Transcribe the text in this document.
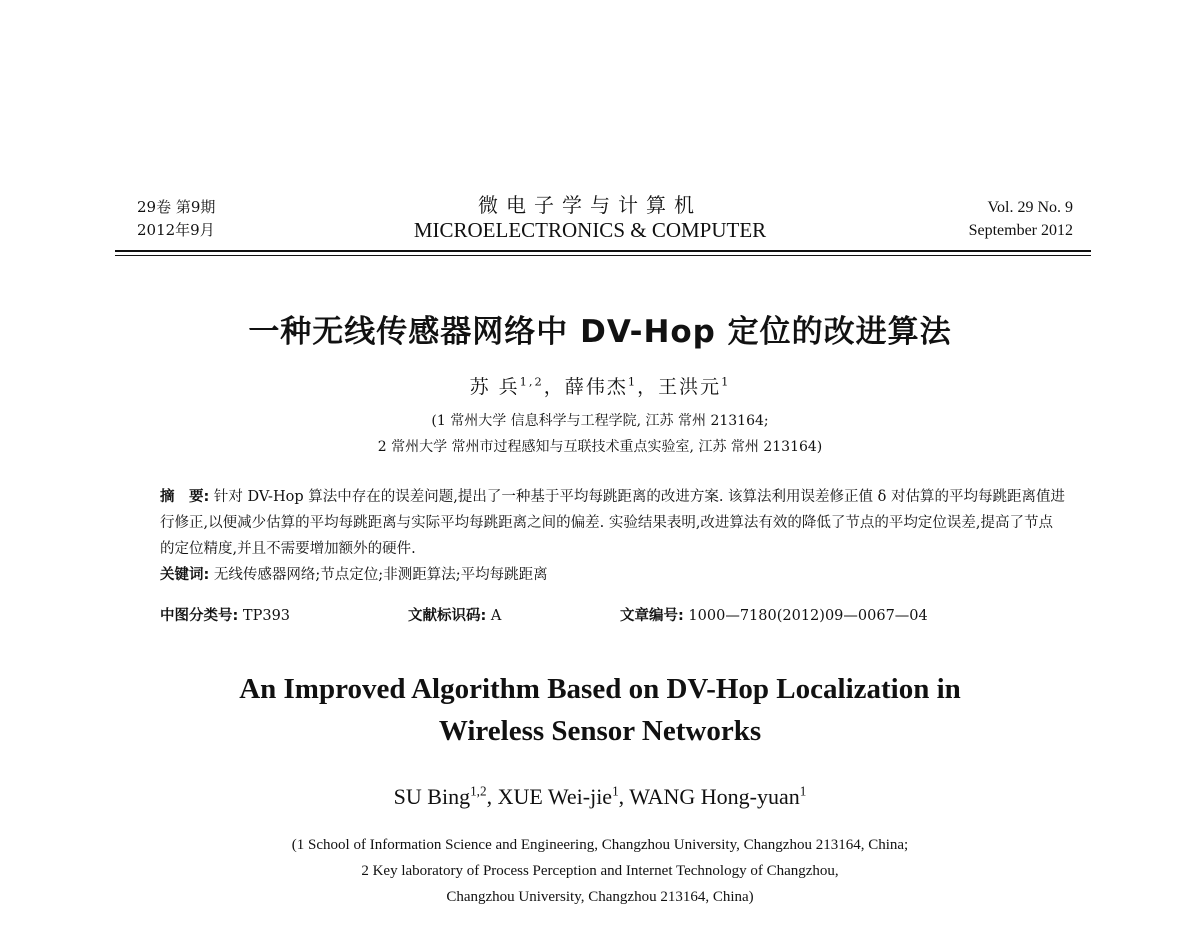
29卷 第9期
2012年9月
微电子学与计算机
MICROELECTRONICS & COMPUTER
Vol. 29 No. 9
September 2012
一种无线传感器网络中 DV-Hop 定位的改进算法
苏 兵$^{1,2}$，薛伟杰$^1$，王洪元$^1$
(1 常州大学 信息科学与工程学院, 江苏 常州 213164;
2 常州大学 常州市过程感知与互联技术重点实验室, 江苏 常州 213164)
摘　要: 针对 DV-Hop 算法中存在的误差问题,提出了一种基于平均每跳距离的改进方案. 该算法利用误差修正值 δ 对估算的平均每跳距离值进行修正,以便减少估算的平均每跳距离与实际平均每跳距离之间的偏差. 实验结果表明,改进算法有效的降低了节点的平均定位误差,提高了节点的定位精度,并且不需要增加额外的硬件.
关键词: 无线传感器网络;节点定位;非测距算法;平均每跳距离
中图分类号: TP393	文献标识码: A	文章编号: 1000—7180(2012)09—0067—04
An Improved Algorithm Based on DV-Hop Localization in
Wireless Sensor Networks
SU Bing$^{1,2}$, XUE Wei-jie$^1$, WANG Hong-yuan$^1$
(1 School of Information Science and Engineering, Changzhou University, Changzhou 213164, China;
2 Key laboratory of Process Perception and Internet Technology of Changzhou,
Changzhou University, Changzhou 213164, China)
